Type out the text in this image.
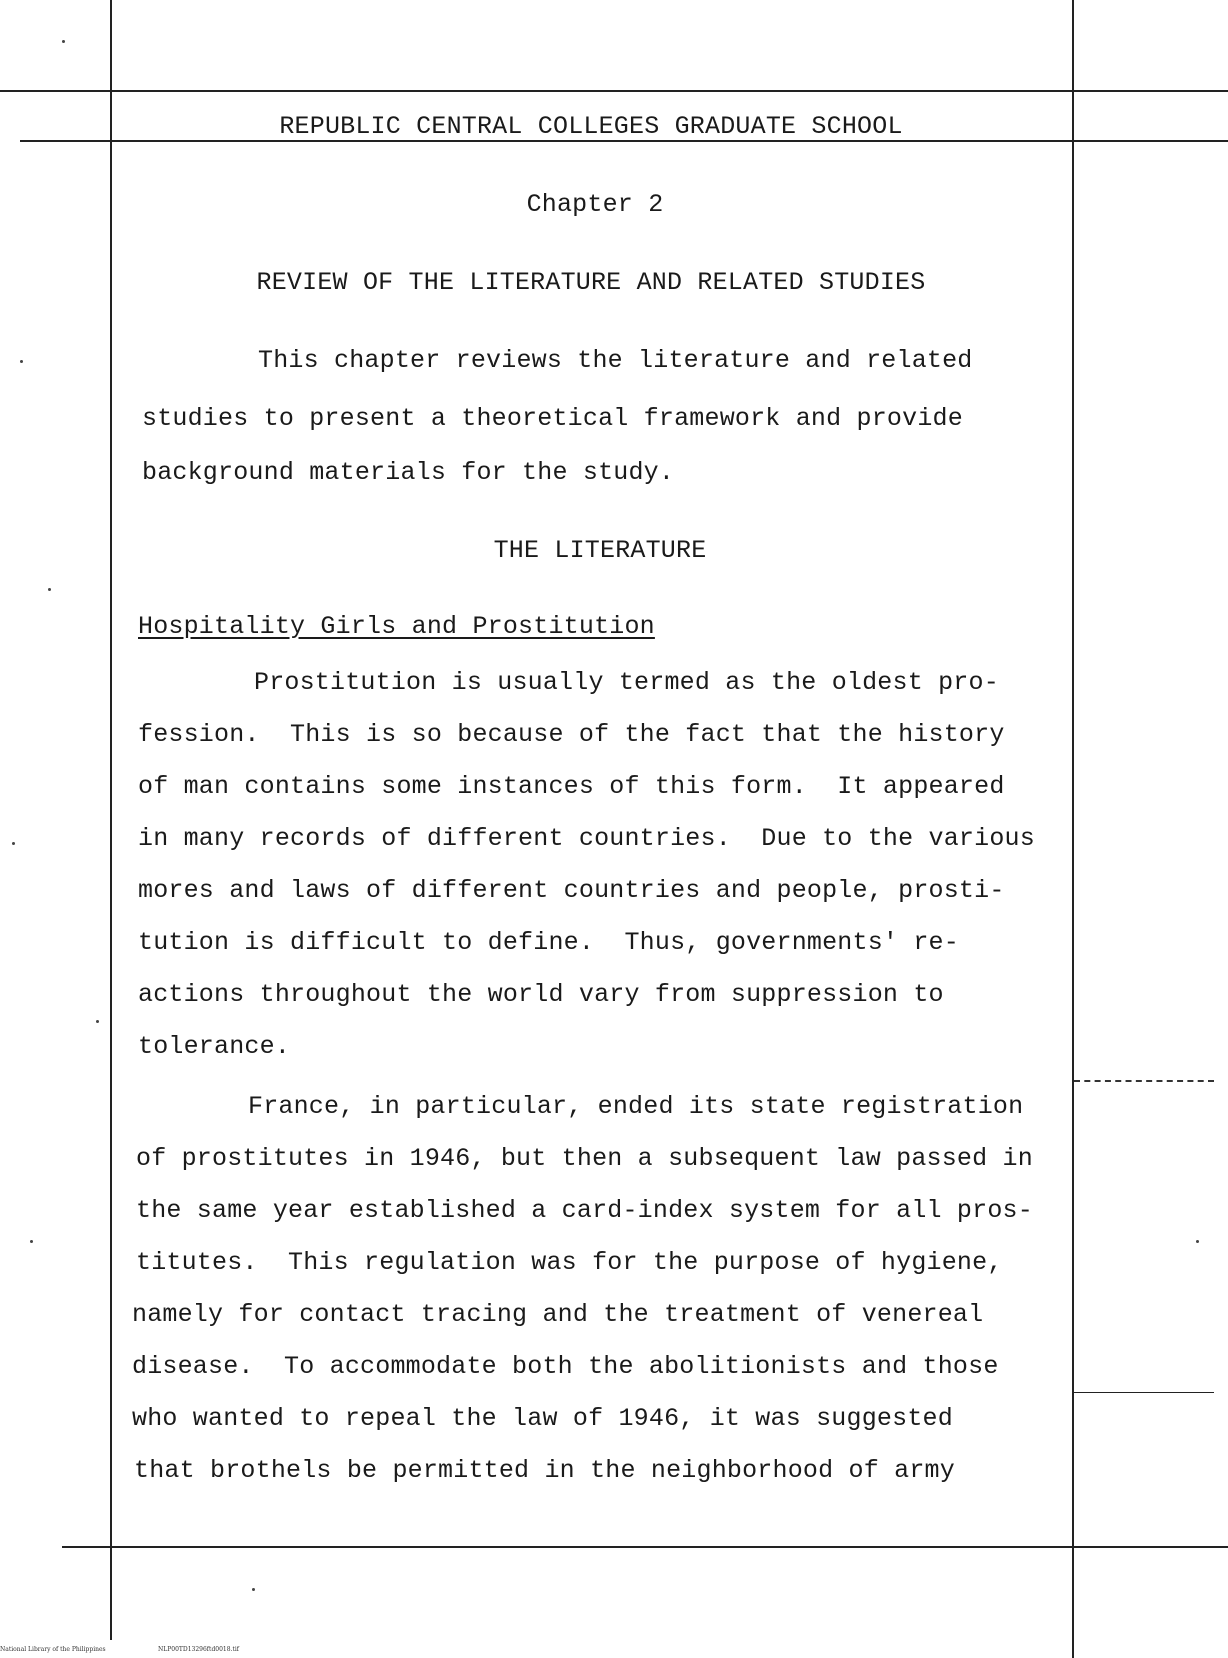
REPUBLIC CENTRAL COLLEGES GRADUATE SCHOOL
Chapter 2
REVIEW OF THE LITERATURE AND RELATED STUDIES
This chapter reviews the literature and related
studies to present a theoretical framework and provide
background materials for the study.
THE LITERATURE
Hospitality Girls and Prostitution
Prostitution is usually termed as the oldest pro-
fession.  This is so because of the fact that the history
of man contains some instances of this form.  It appeared
in many records of different countries.  Due to the various
mores and laws of different countries and people, prosti-
tution is difficult to define.  Thus, governments' re-
actions throughout the world vary from suppression to
tolerance.
France, in particular, ended its state registration
of prostitutes in 1946, but then a subsequent law passed in
the same year established a card-index system for all pros-
titutes.  This regulation was for the purpose of hygiene,
namely for contact tracing and the treatment of venereal
disease.  To accommodate both the abolitionists and those
who wanted to repeal the law of 1946, it was suggested
that brothels be permitted in the neighborhood of army
National Library of the Philippines	NLP00TD13296ftd0018.tif
